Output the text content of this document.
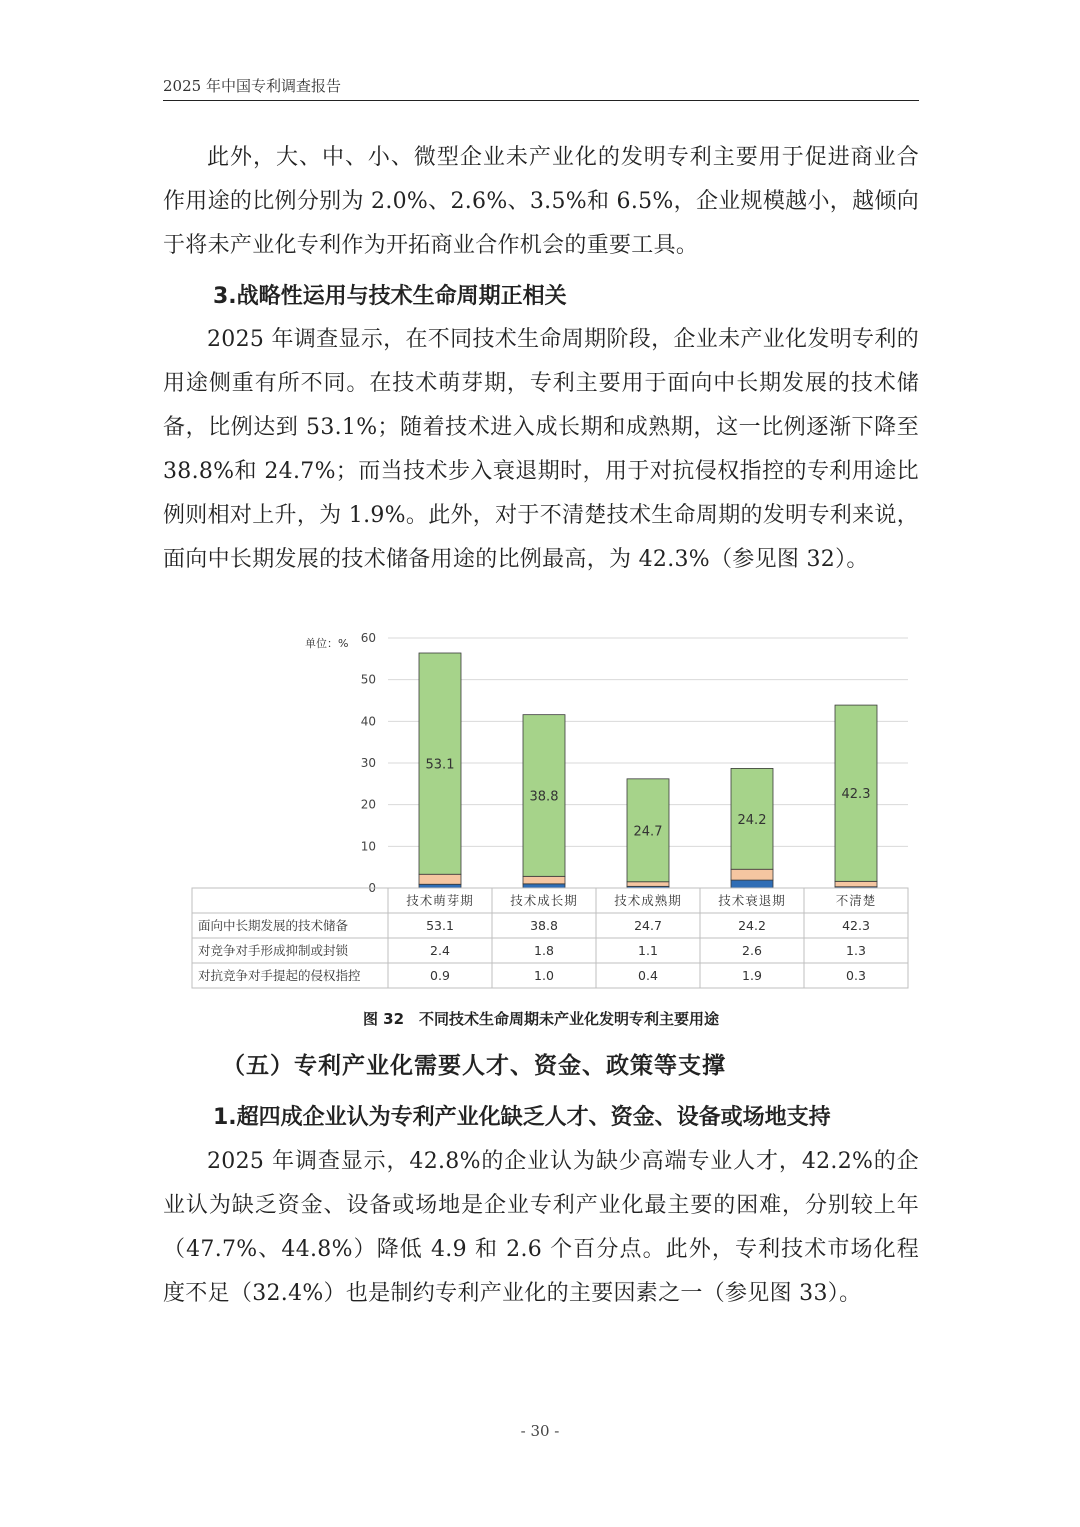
2025 年中国专利调查报告

此外，大、中、小、微型企业未产业化的发明专利主要用于促进商业合作用途的比例分别为 2.0%、2.6%、3.5%和 6.5%，企业规模越小，越倾向于将未产业化专利作为开拓商业合作机会的重要工具。

3.战略性运用与技术生命周期正相关

2025 年调查显示，在不同技术生命周期阶段，企业未产业化发明专利的用途侧重有所不同。在技术萌芽期，专利主要用于面向中长期发展的技术储备，比例达到 53.1%；随着技术进入成长期和成熟期，这一比例逐渐下降至 38.8%和 24.7%；而当技术步入衰退期时，用于对抗侵权指控的专利用途比例则相对上升，为 1.9%。此外，对于不清楚技术生命周期的发明专利来说，面向中长期发展的技术储备用途的比例最高，为 42.3%（参见图 32）。

单位：%
0
10
20
30
40
50
60
53.1
38.8
24.7
24.2
42.3
技术萌芽期	技术成长期	技术成熟期	技术衰退期	不清楚
面向中长期发展的技术储备	53.1	38.8	24.7	24.2	42.3
对竞争对手形成抑制或封锁	2.4	1.8	1.1	2.6	1.3
对抗竞争对手提起的侵权指控	0.9	1.0	0.4	1.9	0.3
图 32　不同技术生命周期未产业化发明专利主要用途

（五）专利产业化需要人才、资金、政策等支撑

1.超四成企业认为专利产业化缺乏人才、资金、设备或场地支持

2025 年调查显示，42.8%的企业认为缺少高端专业人才，42.2%的企业认为缺乏资金、设备或场地是企业专利产业化最主要的困难，分别较上年（47.7%、44.8%）降低 4.9 和 2.6 个百分点。此外，专利技术市场化程度不足（32.4%）也是制约专利产业化的主要因素之一（参见图 33）。

- 30 -
